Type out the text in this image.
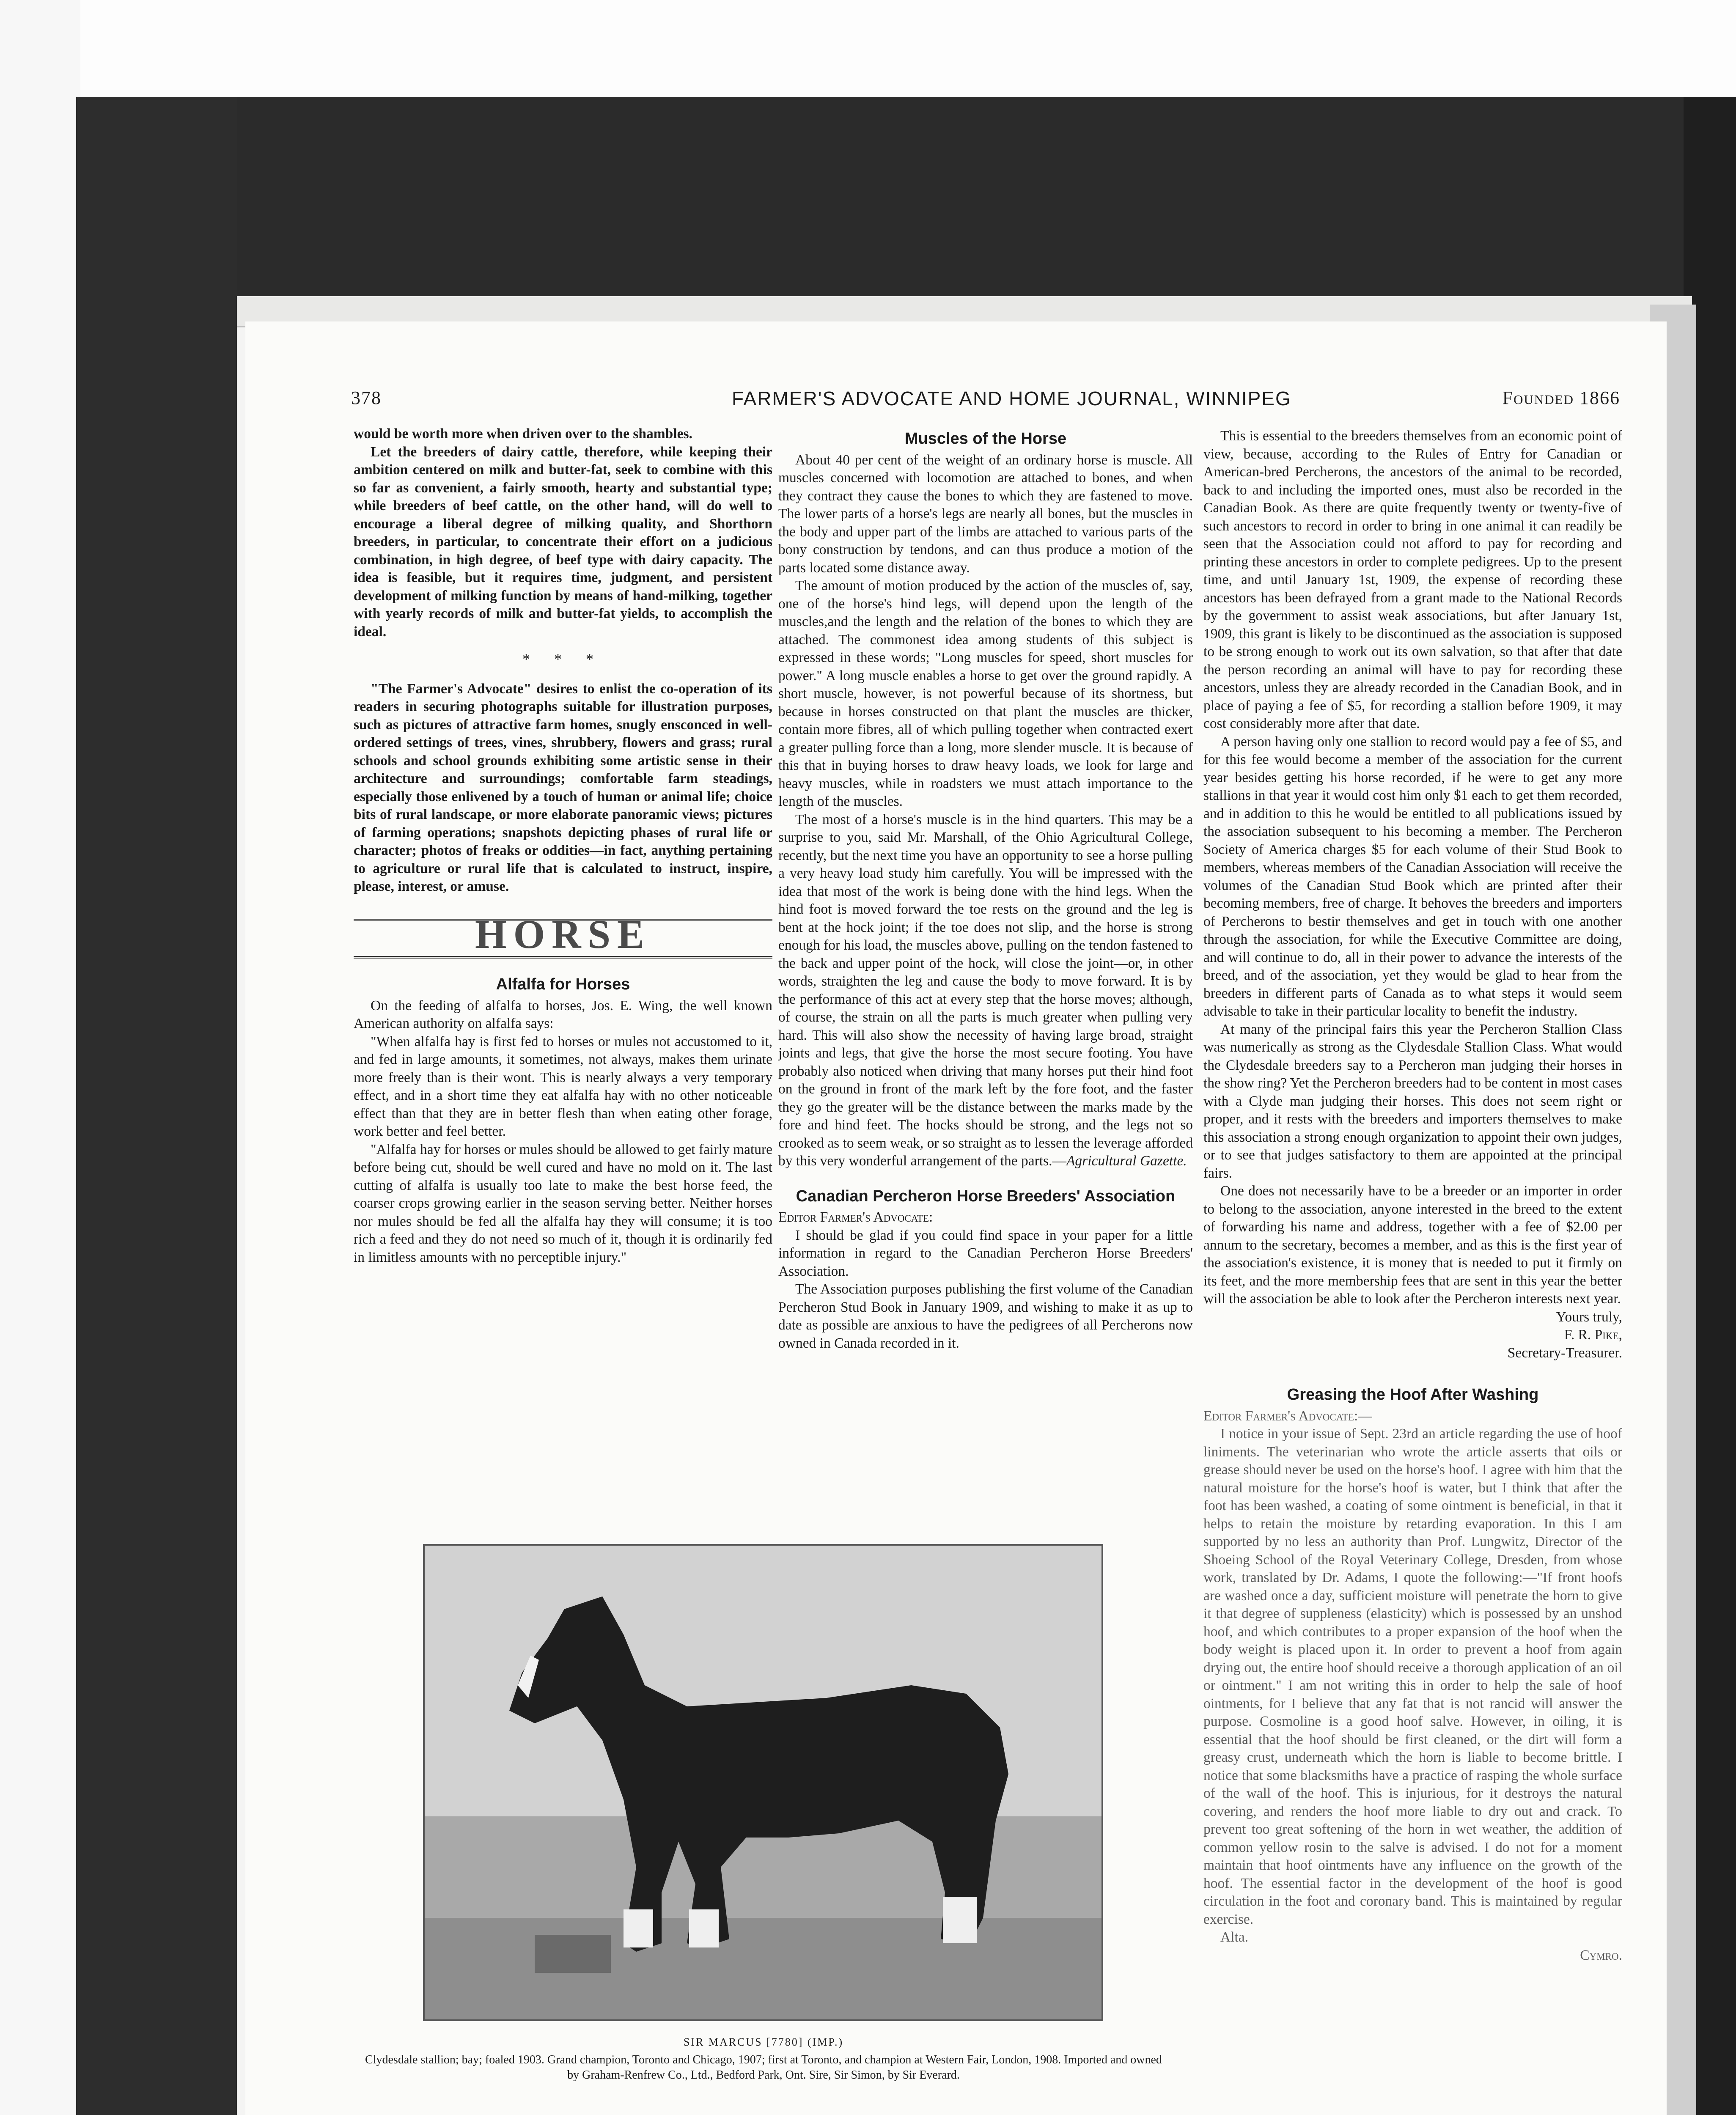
378	FARMER'S ADVOCATE AND HOME JOURNAL, WINNIPEG	Founded 1866

would be worth more when driven over to the shambles.

Let the breeders of dairy cattle, therefore, while keeping their ambition centered on milk and butter-fat, seek to combine with this so far as convenient, a fairly smooth, hearty and substantial type; while breeders of beef cattle, on the other hand, will do well to encourage a liberal degree of milking quality, and Shorthorn breeders, in particular, to concentrate their effort on a judicious combination, in high degree, of beef type with dairy capacity. The idea is feasible, but it requires time, judgment, and persistent development of milking function by means of hand-milking, together with yearly records of milk and butter-fat yields, to accomplish the ideal.

* * *

"The Farmer's Advocate" desires to enlist the co-operation of its readers in securing photographs suitable for illustration purposes, such as pictures of attractive farm homes, snugly ensconced in well-ordered settings of trees, vines, shrubbery, flowers and grass; rural schools and school grounds exhibiting some artistic sense in their architecture and surroundings; comfortable farm steadings, especially those enlivened by a touch of human or animal life; choice bits of rural landscape, or more elaborate panoramic views; pictures of farming operations; snapshots depicting phases of rural life or character; photos of freaks or oddities—in fact, anything pertaining to agriculture or rural life that is calculated to instruct, inspire, please, interest, or amuse.

HORSE
Alfalfa for Horses

On the feeding of alfalfa to horses, Jos. E. Wing, the well known American authority on alfalfa says:

"When alfalfa hay is first fed to horses or mules not accustomed to it, and fed in large amounts, it sometimes, not always, makes them urinate more freely than is their wont. This is nearly always a very temporary effect, and in a short time they eat alfalfa hay with no other noticeable effect than that they are in better flesh than when eating other forage, work better and feel better.

"Alfalfa hay for horses or mules should be allowed to get fairly mature before being cut, should be well cured and have no mold on it. The last cutting of alfalfa is usually too late to make the best horse feed, the coarser crops growing earlier in the season serving better. Neither horses nor mules should be fed all the alfalfa hay they will consume; it is too rich a feed and they do not need so much of it, though it is ordinarily fed in limitless amounts with no perceptible injury."

Muscles of the Horse

About 40 per cent of the weight of an ordinary horse is muscle. All muscles concerned with locomotion are attached to bones, and when they contract they cause the bones to which they are fastened to move. The lower parts of a horse's legs are nearly all bones, but the muscles in the body and upper part of the limbs are attached to various parts of the bony construction by tendons, and can thus produce a motion of the parts located some distance away.

The amount of motion produced by the action of the muscles of, say, one of the horse's hind legs, will depend upon the length of the muscles,and the length and the relation of the bones to which they are attached. The commonest idea among students of this subject is expressed in these words; "Long muscles for speed, short muscles for power." A long muscle enables a horse to get over the ground rapidly. A short muscle, however, is not powerful because of its shortness, but because in horses constructed on that plant the muscles are thicker, contain more fibres, all of which pulling together when contracted exert a greater pulling force than a long, more slender muscle. It is because of this that in buying horses to draw heavy loads, we look for large and heavy muscles, while in roadsters we must attach importance to the length of the muscles.

The most of a horse's muscle is in the hind quarters. This may be a surprise to you, said Mr. Marshall, of the Ohio Agricultural College, recently, but the next time you have an opportunity to see a horse pulling a very heavy load study him carefully. You will be impressed with the idea that most of the work is being done with the hind legs. When the hind foot is moved forward the toe rests on the ground and the leg is bent at the hock joint; if the toe does not slip, and the horse is strong enough for his load, the muscles above, pulling on the tendon fastened to the back and upper point of the hock, will close the joint—or, in other words, straighten the leg and cause the body to move forward. It is by the performance of this act at every step that the horse moves; although, of course, the strain on all the parts is much greater when pulling very hard. This will also show the necessity of having large broad, straight joints and legs, that give the horse the most secure footing. You have probably also noticed when driving that many horses put their hind foot on the ground in front of the mark left by the fore foot, and the faster they go the greater will be the distance between the marks made by the fore and hind feet. The hocks should be strong, and the legs not so crooked as to seem weak, or so straight as to lessen the leverage afforded by this very wonderful arrangement of the parts.—Agricultural Gazette.

Canadian Percheron Horse Breeders' Association

Editor Farmer's Advocate:

I should be glad if you could find space in your paper for a little information in regard to the Canadian Percheron Horse Breeders' Association.

The Association purposes publishing the first volume of the Canadian Percheron Stud Book in January 1909, and wishing to make it as up to date as possible are anxious to have the pedigrees of all Percherons now owned in Canada recorded in it.

This is essential to the breeders themselves from an economic point of view, because, according to the Rules of Entry for Canadian or American-bred Percherons, the ancestors of the animal to be recorded, back to and including the imported ones, must also be recorded in the Canadian Book. As there are quite frequently twenty or twenty-five of such ancestors to record in order to bring in one animal it can readily be seen that the Association could not afford to pay for recording and printing these ancestors in order to complete pedigrees. Up to the present time, and until January 1st, 1909, the expense of recording these ancestors has been defrayed from a grant made to the National Records by the government to assist weak associations, but after January 1st, 1909, this grant is likely to be discontinued as the association is supposed to be strong enough to work out its own salvation, so that after that date the person recording an animal will have to pay for recording these ancestors, unless they are already recorded in the Canadian Book, and in place of paying a fee of $5, for recording a stallion before 1909, it may cost considerably more after that date.

A person having only one stallion to record would pay a fee of $5, and for this fee would become a member of the association for the current year besides getting his horse recorded, if he were to get any more stallions in that year it would cost him only $1 each to get them recorded, and in addition to this he would be entitled to all publications issued by the association subsequent to his becoming a member. The Percheron Society of America charges $5 for each volume of their Stud Book to members, whereas members of the Canadian Association will receive the volumes of the Canadian Stud Book which are printed after their becoming members, free of charge. It behoves the breeders and importers of Percherons to bestir themselves and get in touch with one another through the association, for while the Executive Committee are doing, and will continue to do, all in their power to advance the interests of the breed, and of the association, yet they would be glad to hear from the breeders in different parts of Canada as to what steps it would seem advisable to take in their particular locality to benefit the industry.

At many of the principal fairs this year the Percheron Stallion Class was numerically as strong as the Clydesdale Stallion Class. What would the Clydesdale breeders say to a Percheron man judging their horses in the show ring? Yet the Percheron breeders had to be content in most cases with a Clyde man judging their horses. This does not seem right or proper, and it rests with the breeders and importers themselves to make this association a strong enough organization to appoint their own judges, or to see that judges satisfactory to them are appointed at the principal fairs.

One does not necessarily have to be a breeder or an importer in order to belong to the association, anyone interested in the breed to the extent of forwarding his name and address, together with a fee of $2.00 per annum to the secretary, becomes a member, and as this is the first year of the association's existence, it is money that is needed to put it firmly on its feet, and the more membership fees that are sent in this year the better will the association be able to look after the Percheron interests next year.

Yours truly,

F. R. Pike,

Secretary-Treasurer.

Greasing the Hoof After Washing

Editor Farmer's Advocate:—

I notice in your issue of Sept. 23rd an article regarding the use of hoof liniments. The veterinarian who wrote the article asserts that oils or grease should never be used on the horse's hoof. I agree with him that the natural moisture for the horse's hoof is water, but I think that after the foot has been washed, a coating of some ointment is beneficial, in that it helps to retain the moisture by retarding evaporation. In this I am supported by no less an authority than Prof. Lungwitz, Director of the Shoeing School of the Royal Veterinary College, Dresden, from whose work, translated by Dr. Adams, I quote the following:—"If front hoofs are washed once a day, sufficient moisture will penetrate the horn to give it that degree of suppleness (elasticity) which is possessed by an unshod hoof, and which contributes to a proper expansion of the hoof when the body weight is placed upon it. In order to prevent a hoof from again drying out, the entire hoof should receive a thorough application of an oil or ointment." I am not writing this in order to help the sale of hoof ointments, for I believe that any fat that is not rancid will answer the purpose. Cosmoline is a good hoof salve. However, in oiling, it is essential that the hoof should be first cleaned, or the dirt will form a greasy crust, underneath which the horn is liable to become brittle. I notice that some blacksmiths have a practice of rasping the whole surface of the wall of the hoof. This is injurious, for it destroys the natural covering, and renders the hoof more liable to dry out and crack. To prevent too great softening of the horn in wet weather, the addition of common yellow rosin to the salve is advised. I do not for a moment maintain that hoof ointments have any influence on the growth of the hoof. The essential factor in the development of the hoof is good circulation in the foot and coronary band. This is maintained by regular exercise.

Alta.

Cymro.

SIR MARCUS [7780] (IMP.)
Clydesdale stallion; bay; foaled 1903. Grand champion, Toronto and Chicago, 1907; first at Toronto, and champion at Western Fair, London, 1908. Imported and owned by Graham-Renfrew Co., Ltd., Bedford Park, Ont. Sire, Sir Simon, by Sir Everard.
